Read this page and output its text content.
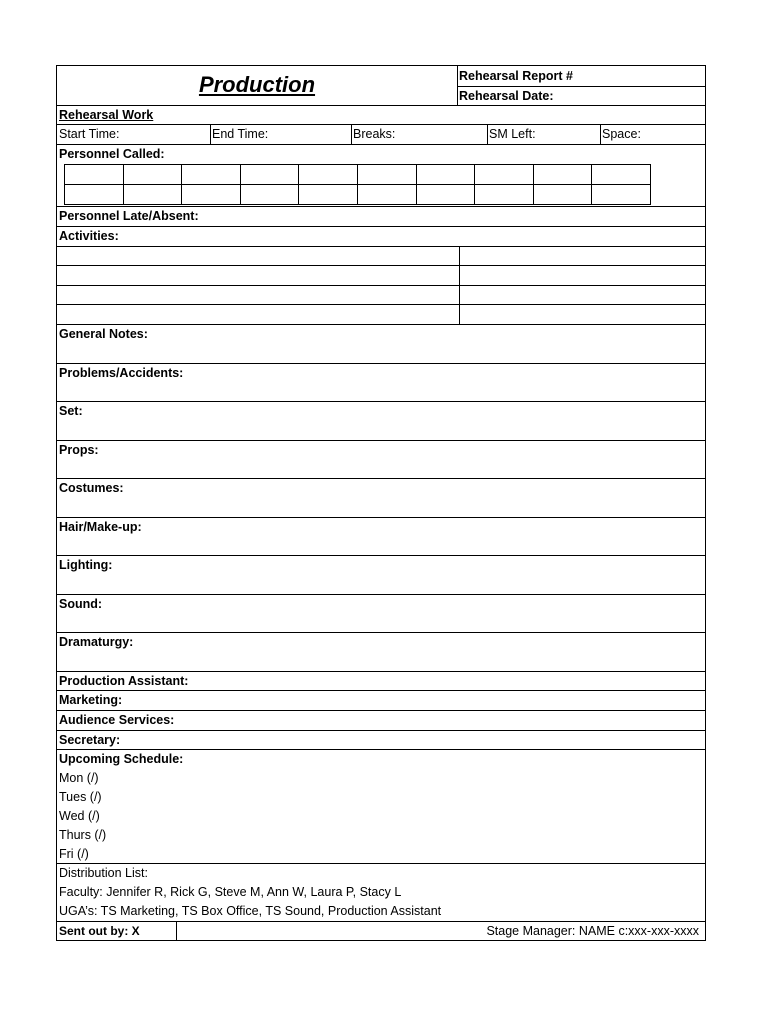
Production	Rehearsal Report #
Rehearsal Date:
Rehearsal Work
Start Time:	End Time:	Breaks:	SM Left:	Space:
Personnel Called:

Personnel Late/Absent:
Activities:
General Notes:
Problems/Accidents:
Set:
Props:
Costumes:
Hair/Make-up:
Lighting:
Sound:
Dramaturgy:
Production Assistant:
Marketing:
Audience Services:
Secretary:
Upcoming Schedule:
Mon (/)
Tues (/)
Wed (/)
Thurs (/)
Fri (/)
Distribution List:
Faculty: Jennifer R, Rick G, Steve M, Ann W, Laura P, Stacy L
UGA’s: TS Marketing, TS Box Office, TS Sound, Production Assistant
Sent out by: X	Stage Manager: NAME c:xxx-xxx-xxxx
